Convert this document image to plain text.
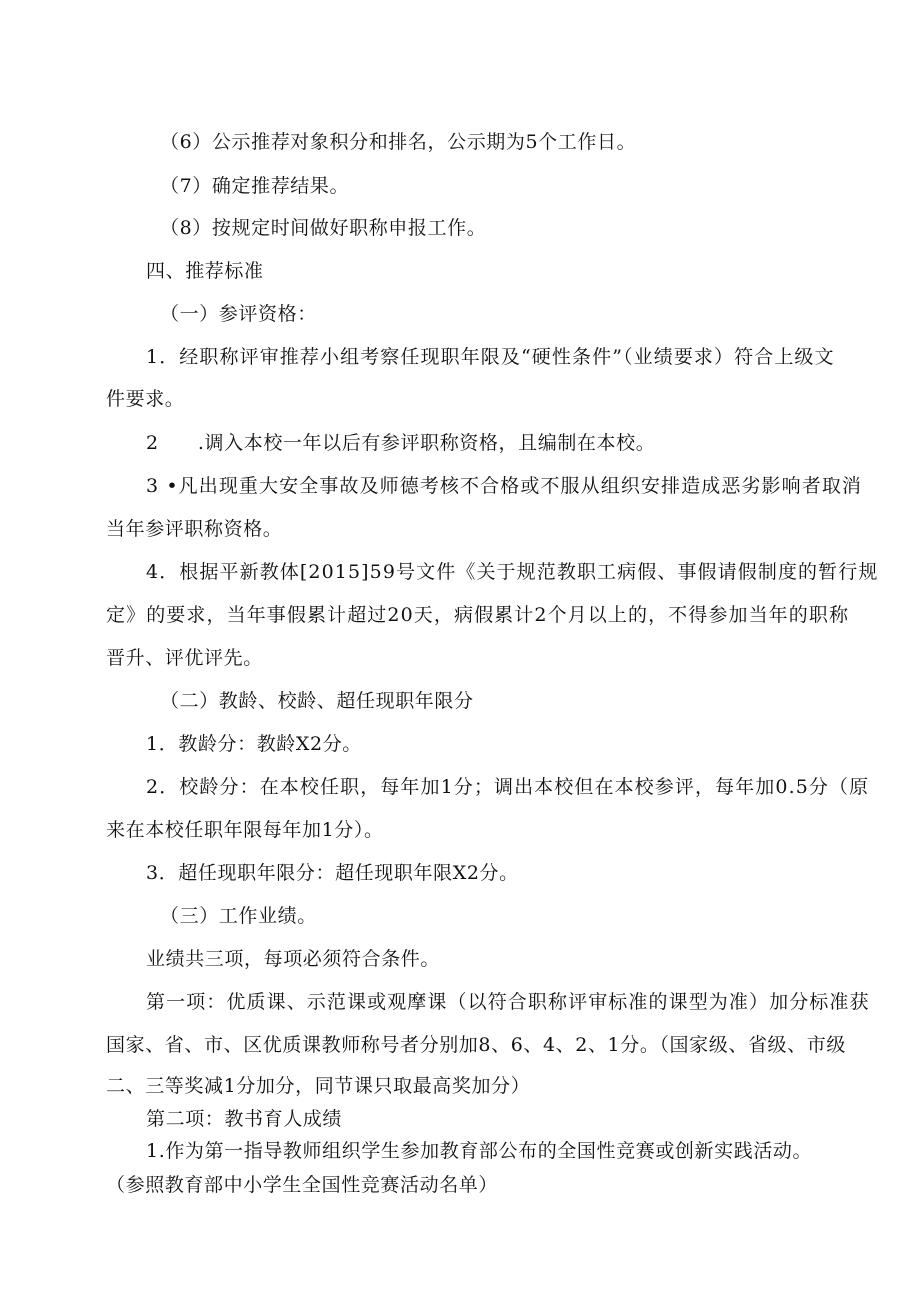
（6）公示推荐对象积分和排名，公示期为5个工作日。
（7）确定推荐结果。
（8）按规定时间做好职称申报工作。
四、推荐标准
（一）参评资格：
1．经职称评审推荐小组考察任现职年限及“硬性条件”（业绩要求）符合上级文
件要求。
2　　.调入本校一年以后有参评职称资格，且编制在本校。
3 •凡出现重大安全事故及师德考核不合格或不服从组织安排造成恶劣影响者取消
当年参评职称资格。
4．根据平新教体[2015]59号文件《关于规范教职工病假、事假请假制度的暂行规
定》的要求，当年事假累计超过20天，病假累计2个月以上的，不得参加当年的职称
晋升、评优评先。
（二）教龄、校龄、超任现职年限分
1．教龄分：教龄X2分。
2．校龄分：在本校任职，每年加1分；调出本校但在本校参评，每年加0.5分（原
来在本校任职年限每年加1分）。
3．超任现职年限分：超任现职年限X2分。
（三）工作业绩。
业绩共三项，每项必须符合条件。
第一项：优质课、示范课或观摩课（以符合职称评审标准的课型为准）加分标准获
国家、省、市、区优质课教师称号者分别加8、6、4、2、1分。（国家级、省级、市级
二、三等奖减1分加分，同节课只取最高奖加分）
第二项：教书育人成绩
1.作为第一指导教师组织学生参加教育部公布的全国性竞赛或创新实践活动。
（参照教育部中小学生全国性竞赛活动名单）
